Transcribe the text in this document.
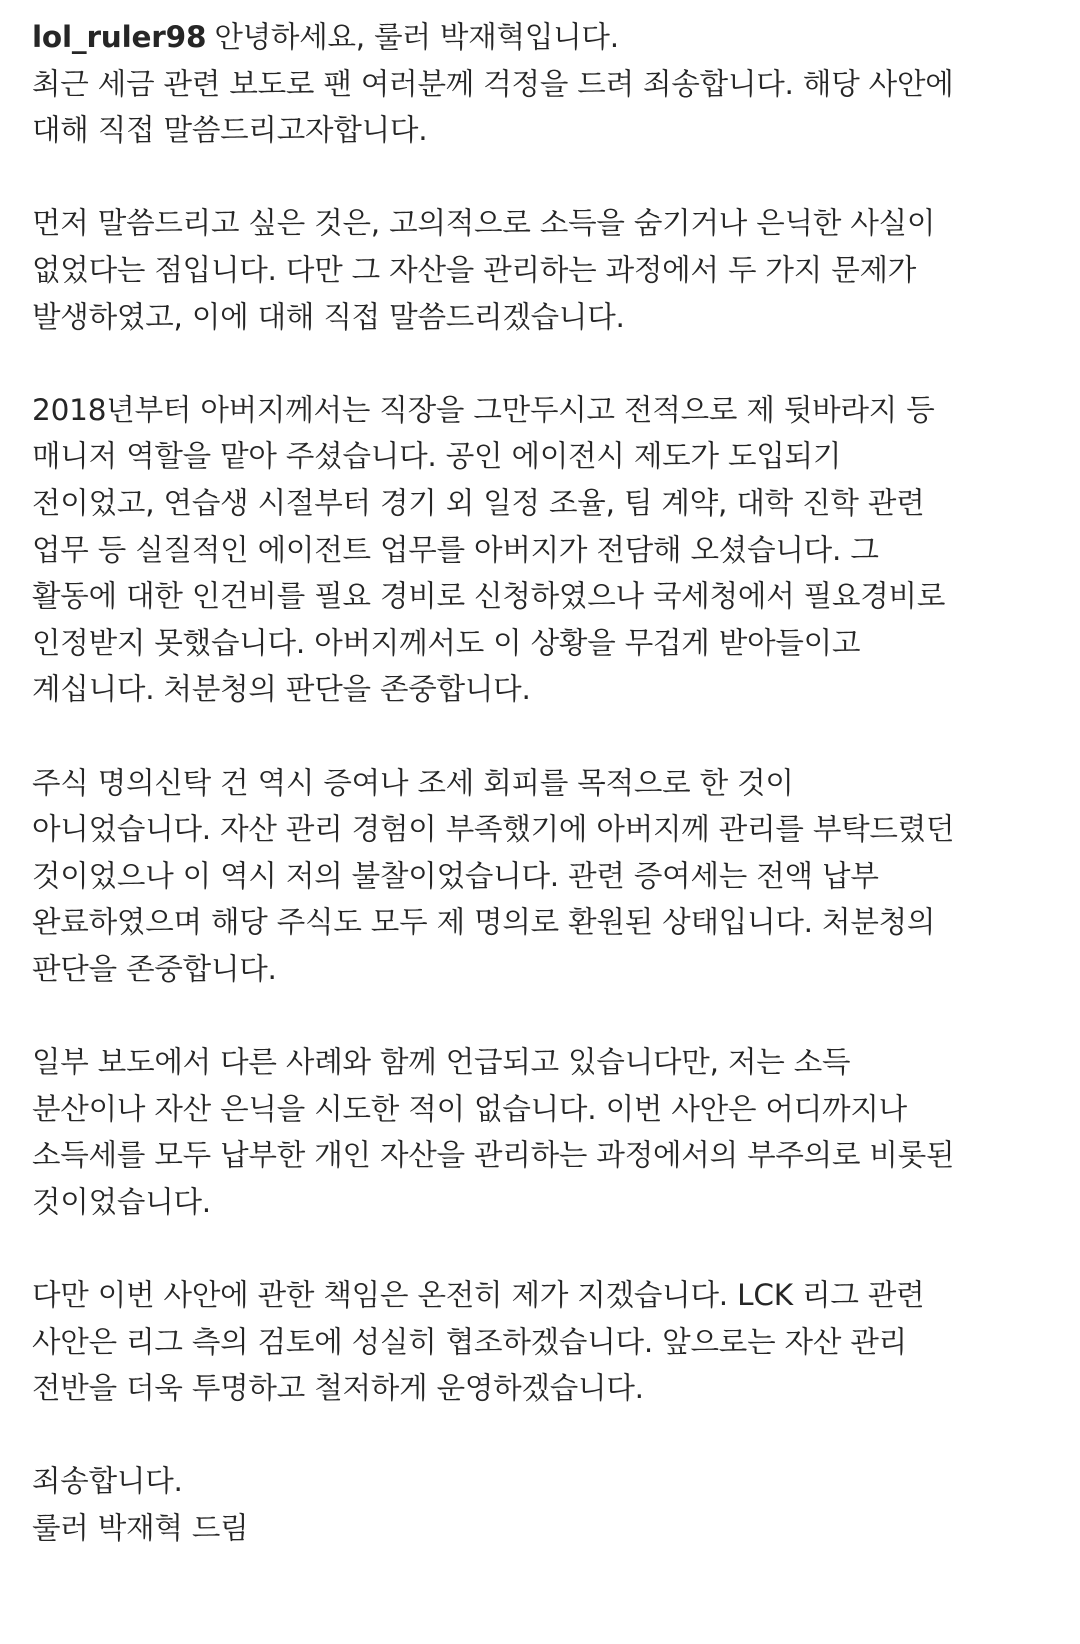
lol_ruler98 안녕하세요, 룰러 박재혁입니다.
최근 세금 관련 보도로 팬 여러분께 걱정을 드려 죄송합니다. 해당 사안에
대해 직접 말씀드리고자합니다.
먼저 말씀드리고 싶은 것은, 고의적으로 소득을 숨기거나 은닉한 사실이
없었다는 점입니다. 다만 그 자산을 관리하는 과정에서 두 가지 문제가
발생하였고, 이에 대해 직접 말씀드리겠습니다.
2018년부터 아버지께서는 직장을 그만두시고 전적으로 제 뒷바라지 등
매니저 역할을 맡아 주셨습니다. 공인 에이전시 제도가 도입되기
전이었고, 연습생 시절부터 경기 외 일정 조율, 팀 계약, 대학 진학 관련
업무 등 실질적인 에이전트 업무를 아버지가 전담해 오셨습니다. 그
활동에 대한 인건비를 필요 경비로 신청하였으나 국세청에서 필요경비로
인정받지 못했습니다. 아버지께서도 이 상황을 무겁게 받아들이고
계십니다. 처분청의 판단을 존중합니다.
주식 명의신탁 건 역시 증여나 조세 회피를 목적으로 한 것이
아니었습니다. 자산 관리 경험이 부족했기에 아버지께 관리를 부탁드렸던
것이었으나 이 역시 저의 불찰이었습니다. 관련 증여세는 전액 납부
완료하였으며 해당 주식도 모두 제 명의로 환원된 상태입니다. 처분청의
판단을 존중합니다.
일부 보도에서 다른 사례와 함께 언급되고 있습니다만, 저는 소득
분산이나 자산 은닉을 시도한 적이 없습니다. 이번 사안은 어디까지나
소득세를 모두 납부한 개인 자산을 관리하는 과정에서의 부주의로 비롯된
것이었습니다.
다만 이번 사안에 관한 책임은 온전히 제가 지겠습니다. LCK 리그 관련
사안은 리그 측의 검토에 성실히 협조하겠습니다. 앞으로는 자산 관리
전반을 더욱 투명하고 철저하게 운영하겠습니다.
죄송합니다.
룰러 박재혁 드림
